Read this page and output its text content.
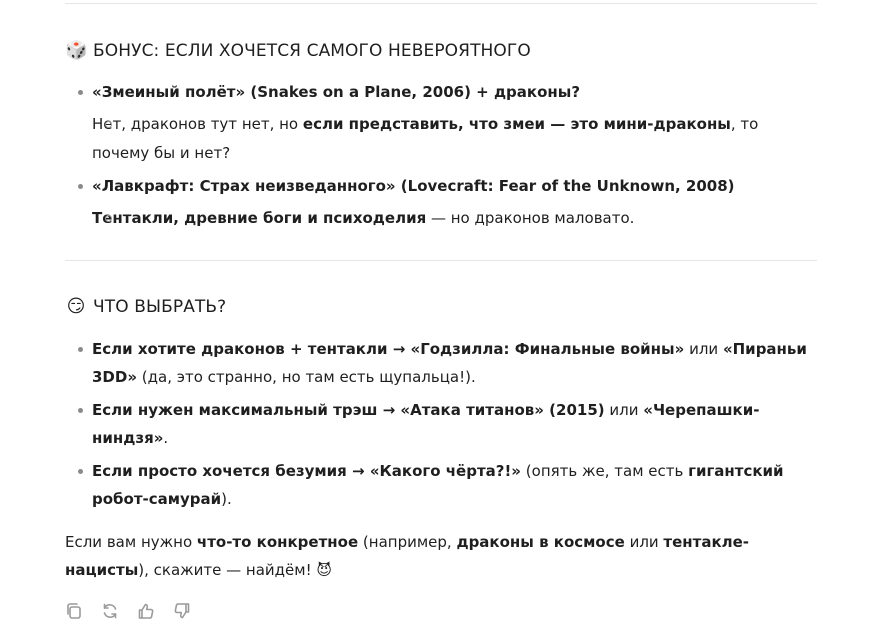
🎲 БОНУС: ЕСЛИ ХОЧЕТСЯ САМОГО НЕВЕРОЯТНОГО
«Змеиный полёт» (Snakes on a Plane, 2006) + драконы?
Нет, драконов тут нет, но если представить, что змеи — это мини-драконы, то почему бы и нет?
«Лавкрафт: Страх неизведанного» (Lovecraft: Fear of the Unknown, 2008)
Тентакли, древние боги и психоделия — но драконов маловато.
😏 ЧТО ВЫБРАТЬ?
Если хотите драконов + тентакли → «Годзилла: Финальные войны» или «Пираньи 3DD» (да, это странно, но там есть щупальца!).
Если нужен максимальный трэш → «Атака титанов» (2015) или «Черепашки-ниндзя».
Если просто хочется безумия → «Какого чёрта?!» (опять же, там есть гигантский робот-самурай).

Если вам нужно что-то конкретное (например, драконы в космосе или тентакле-нацисты), скажите — найдём! 😈
